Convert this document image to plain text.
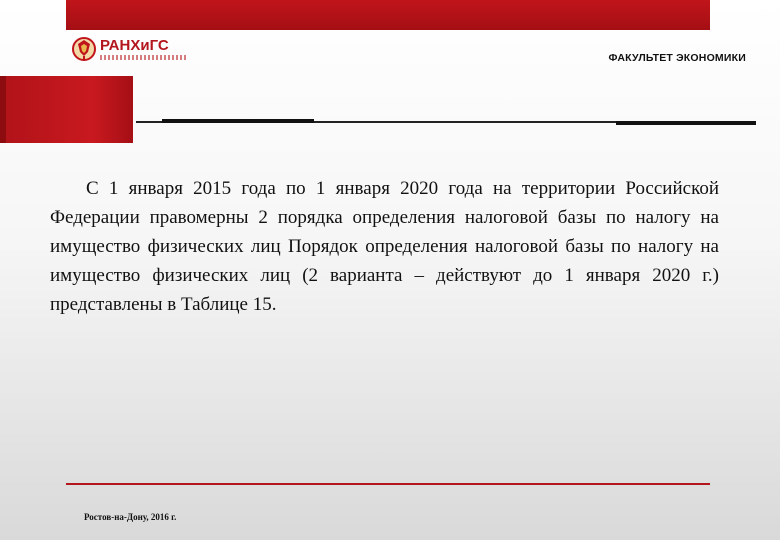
РАНХиГС
ФАКУЛЬТЕТ ЭКОНОМИКИ

С 1 января 2015 года по 1 января 2020 года на территории Российской Федерации правомерны 2 порядка определения налоговой базы по налогу на имущество физических лиц Порядок определения налоговой базы по налогу на имущество физических лиц (2 варианта – действуют до 1 января 2020 г.) представлены в Таблице 15.

Ростов-на-Дону, 2016 г.
